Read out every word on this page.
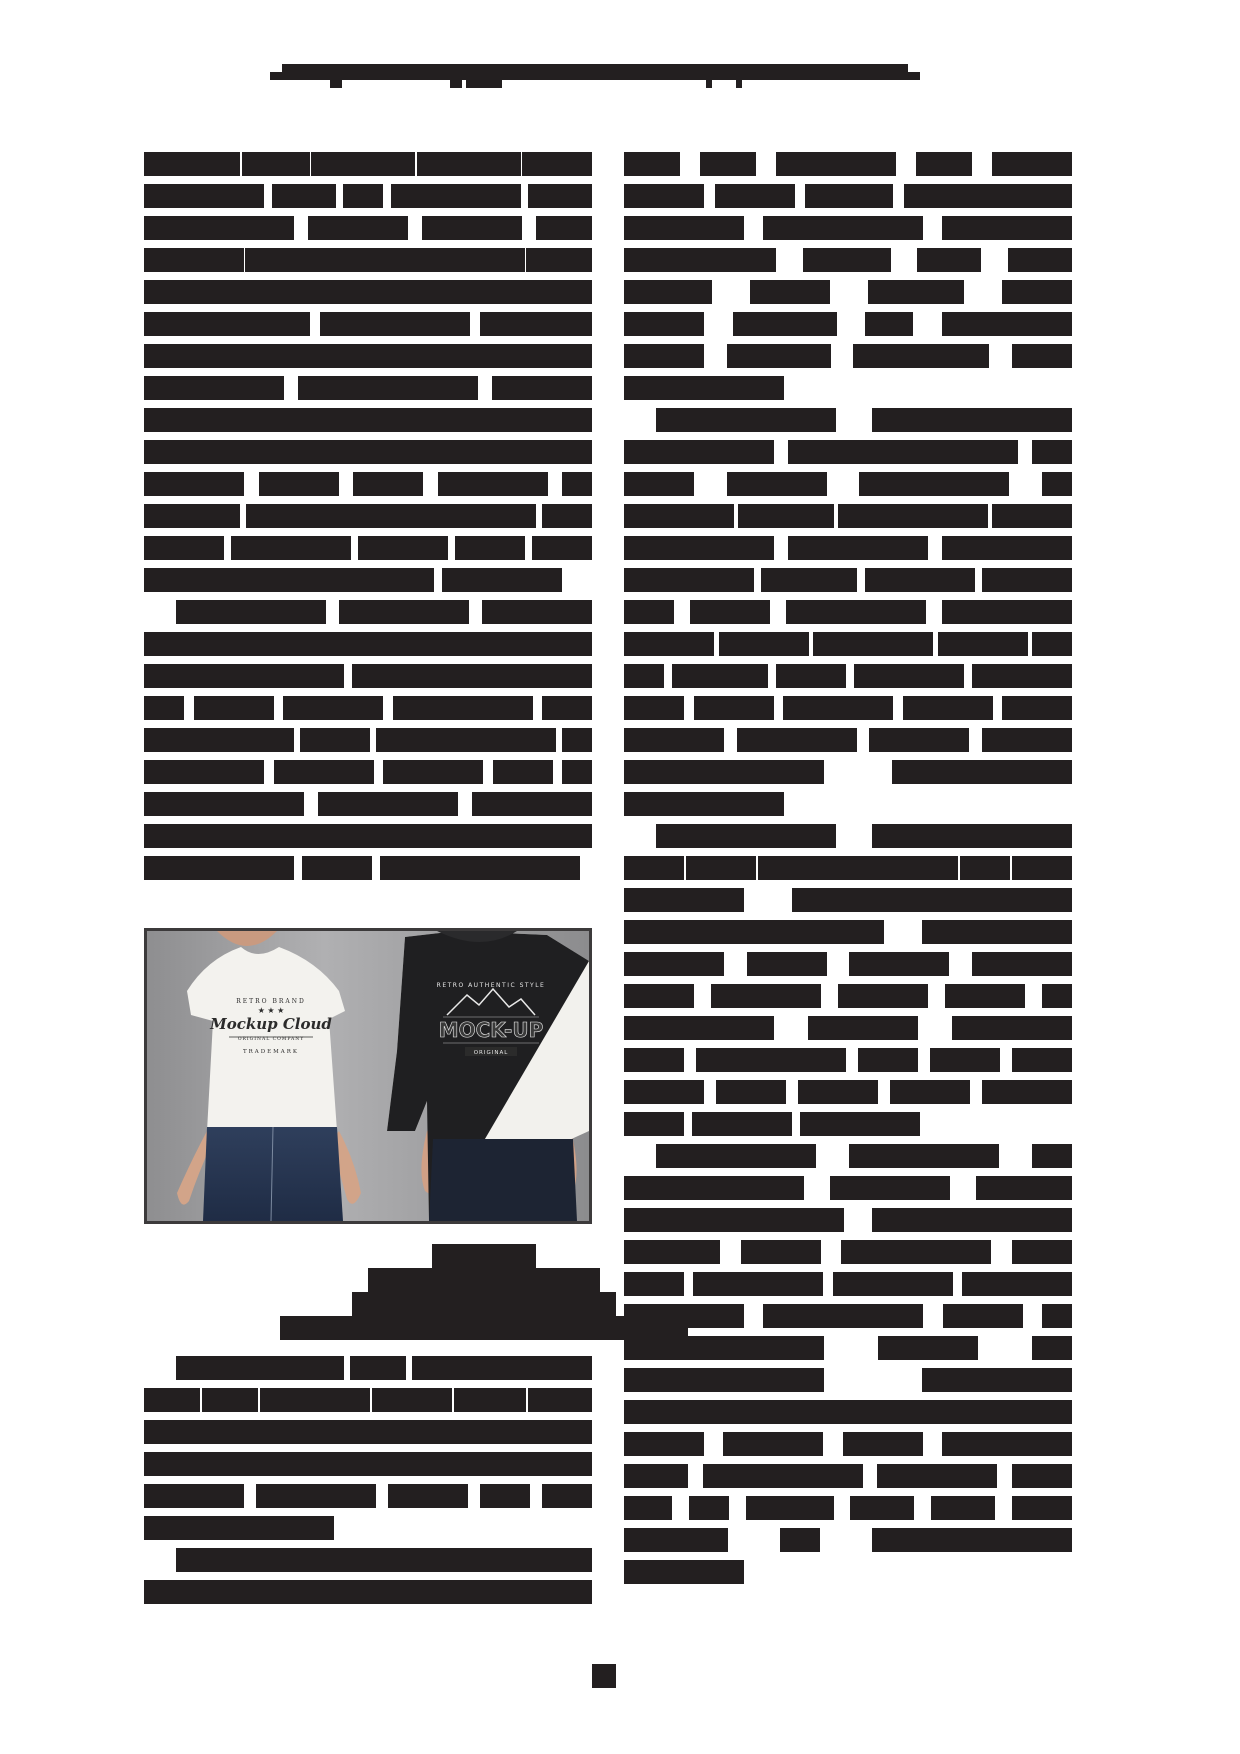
RETRO BRAND
★ ★ ★
Mockup Cloud
ORIGINAL COMPANY
TRADEMARK
RETRO AUTHENTIC STYLE
MOCK-UP
ORIGINAL
